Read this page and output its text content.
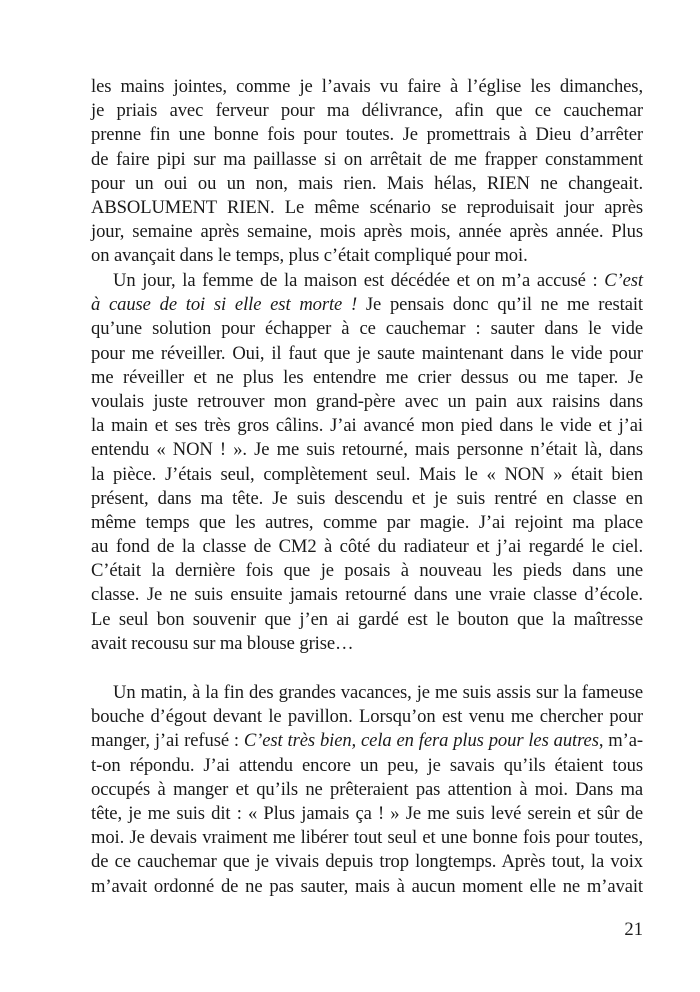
les mains jointes, comme je l’avais vu faire à l’église les dimanches,
je priais avec ferveur pour ma délivrance, afin que ce cauchemar
prenne fin une bonne fois pour toutes. Je promettrais à Dieu d’arrêter
de faire pipi sur ma paillasse si on arrêtait de me frapper constamment
pour un oui ou un non, mais rien. Mais hélas, RIEN ne changeait.
ABSOLUMENT RIEN. Le même scénario se reproduisait jour après
jour, semaine après semaine, mois après mois, année après année. Plus
on avançait dans le temps, plus c’était compliqué pour moi.
Un jour, la femme de la maison est décédée et on m’a accusé : C’est
à cause de toi si elle est morte ! Je pensais donc qu’il ne me restait
qu’une solution pour échapper à ce cauchemar : sauter dans le vide
pour me réveiller. Oui, il faut que je saute maintenant dans le vide pour
me réveiller et ne plus les entendre me crier dessus ou me taper. Je
voulais juste retrouver mon grand-père avec un pain aux raisins dans
la main et ses très gros câlins. J’ai avancé mon pied dans le vide et j’ai
entendu « NON ! ». Je me suis retourné, mais personne n’était là, dans
la pièce. J’étais seul, complètement seul. Mais le « NON » était bien
présent, dans ma tête. Je suis descendu et je suis rentré en classe en
même temps que les autres, comme par magie. J’ai rejoint ma place
au fond de la classe de CM2 à côté du radiateur et j’ai regardé le ciel.
C’était la dernière fois que je posais à nouveau les pieds dans une
classe. Je ne suis ensuite jamais retourné dans une vraie classe d’école.
Le seul bon souvenir que j’en ai gardé est le bouton que la maîtresse
avait recousu sur ma blouse grise…
Un matin, à la fin des grandes vacances, je me suis assis sur la fameuse
bouche d’égout devant le pavillon. Lorsqu’on est venu me chercher pour
manger, j’ai refusé : C’est très bien, cela en fera plus pour les autres, m’a-
t-on répondu. J’ai attendu encore un peu, je savais qu’ils étaient tous
occupés à manger et qu’ils ne prêteraient pas attention à moi. Dans ma
tête, je me suis dit : « Plus jamais ça ! » Je me suis levé serein et sûr de
moi. Je devais vraiment me libérer tout seul et une bonne fois pour toutes,
de ce cauchemar que je vivais depuis trop longtemps. Après tout, la voix
m’avait ordonné de ne pas sauter, mais à aucun moment elle ne m’avait
21
